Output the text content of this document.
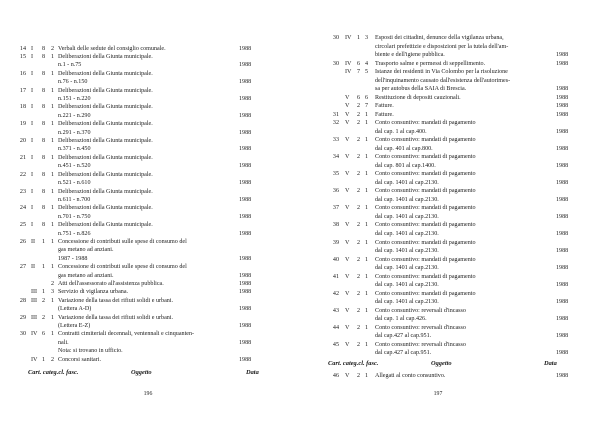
14 I 8 2 Verbali delle sedute del consiglio comunale.	1988
15 I 8 1 Deliberazioni della Giunta municipale.
n.1 - n.75	1988
16 I 8 1 Deliberazioni della Giunta municipale.
n.76 - n.150	1988
17 I 8 1 Deliberazioni della Giunta municipale.
n.151 - n.220	1988
18 I 8 1 Deliberazioni della Giunta municipale.
n.221 - n.290	1988
19 I 8 1 Deliberazioni della Giunta municipale.
n.291 - n.370	1988
20 I 8 1 Deliberazioni della Giunta municipale.
n.371 - n.450	1988
21 I 8 1 Deliberazioni della Giunta municipale.
n.451 - n.520	1988
22 I 8 1 Deliberazioni della Giunta municipale.
n.521 - n.610	1988
23 I 8 1 Deliberazioni della Giunta municipale.
n.611 - n.700	1988
24 I 8 1 Deliberazioni della Giunta municipale.
n.701 - n.750	1988
25 I 8 1 Deliberazioni della Giunta municipale.
n.751 - n.826	1988
26 II 1 1 Concessione di contributi sulle spese di consumo del
gas metano ad anziani.
1987 - 1988	1988
27 II 1 1 Concessione di contributi sulle spese di consumo del
gas metano ad anziani.	1988
2 Atti dell'assessorato all'assistenza pubblica.	1988
III 1 3 Servizio di vigilanza urbana.	1988
28 III 2 1 Variazione della tassa dei rifiuti solidi e urbani.
(Lettera A-D)	1988
29 III 2 1 Variazione della tassa dei rifiuti solidi e urbani.
(Lettera E-Z)	1988
30 IV 6 1 Contratti cimiteriali decennali, ventennali e cinquanten-
nali.	1988
Nota: si trovano in ufficio.
IV 1 2 Concorsi sanitari.	1988
Cart. categ.cl. fasc.	Oggetto	Data
196
30 IV 1 3 Esposti dei cittadini, denunce della vigilanza urbana,
circolari prefettizie e disposizioni per la tutela dell'am-
biente e dell'igiene pubblica.	1988
30 IV 6 4 Trasporto salme e permessi di seppellimento.	1988
IV 7 5 Istanze dei residenti in Via Colombo per la risoluzione
dell'inquinamento causato dall'esistenza dell'autorimes-
sa per autobus della SAIA di Brescia.	1988
V 6 6 Restituzione di depositi cauzionali.	1988
V 2 7 Fatture.	1988
31 V 2 1 Fatture.	1988
32 V 2 1 Conto consuntivo: mandati di pagamento
dal cap. 1 al cap.400.	1988
33 V 2 1 Conto consuntivo: mandati di pagamento
dal cap. 401 al cap.800.	1988
34 V 2 1 Conto consuntivo: mandati di pagamento
dal cap. 801 al cap.1400.	1988
35 V 2 1 Conto consuntivo: mandati di pagamento
dal cap. 1401 al cap.2130.	1988
36 V 2 1 Conto consuntivo: mandati di pagamento
dal cap. 1401 al cap.2130.	1988
37 V 2 1 Conto consuntivo: mandati di pagamento
dal cap. 1401 al cap.2130.	1988
38 V 2 1 Conto consuntivo: mandati di pagamento
dal cap. 1401 al cap.2130.	1988
39 V 2 1 Conto consuntivo: mandati di pagamento
dal cap. 1401 al cap.2130.	1988
40 V 2 1 Conto consuntivo: mandati di pagamento
dal cap. 1401 al cap.2130.	1988
41 V 2 1 Conto consuntivo: mandati di pagamento
dal cap. 1401 al cap.2130.	1988
42 V 2 1 Conto consuntivo: mandati di pagamento
dal cap. 1401 al cap.2130.	1988
43 V 2 1 Conto consuntivo: reversali d'incasso
dal cap. 1 al cap.426.	1988
44 V 2 1 Conto consuntivo: reversali d'incasso
dal cap.427 al cap.951.	1988
45 V 2 1 Conto consuntivo: reversali d'incasso
dal cap.427 al cap.951.	1988
Cart. categ.cl. fasc.	Oggetto	Data
46 V 2 1 Allegati al conto consuntivo.	1988
197
